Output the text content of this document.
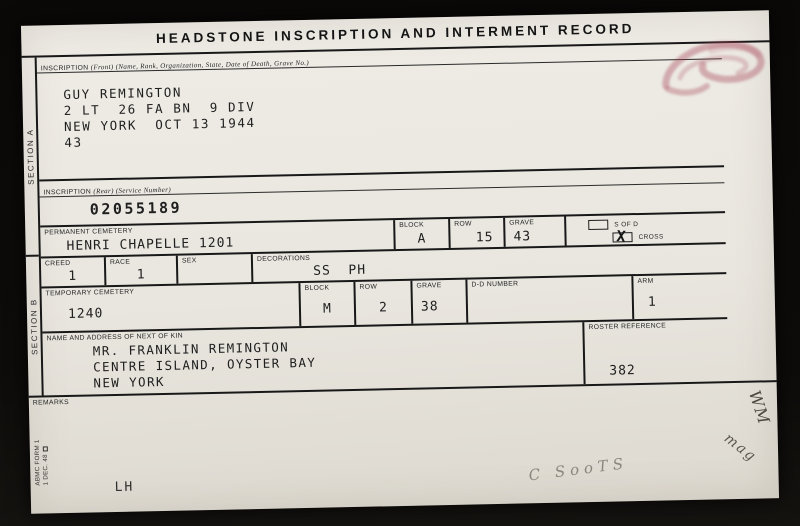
HEADSTONE INSCRIPTION AND INTERMENT RECORD
SECTION A
SECTION B
INSCRIPTION (Front) (Name, Rank, Organization, State, Date of Death, Grave No.)
GUY REMINGTON
2 LT  26 FA BN  9 DIV
NEW YORK  OCT 13 1944
43
INSCRIPTION (Rear) (Service Number)
02055189
PERMANENT CEMETERY
HENRI CHAPELLE 1201
BLOCK
A
ROW
15
GRAVE
43
S OF D
X CROSS
CREED
1
RACE
1
SEX	DECORATIONS
SS  PH
TEMPORARY CEMETERY
1240
BLOCK
M
ROW
2
GRAVE
38
D-D NUMBER	ARM
1
NAME AND ADDRESS OF NEXT OF KIN
MR. FRANKLIN REMINGTON
CENTRE ISLAND, OYSTER BAY
NEW YORK
ROSTER REFERENCE
382
REMARKS
ABMC FORM 1 1 DEC. 48
LH
C SooTS
WM
mag
